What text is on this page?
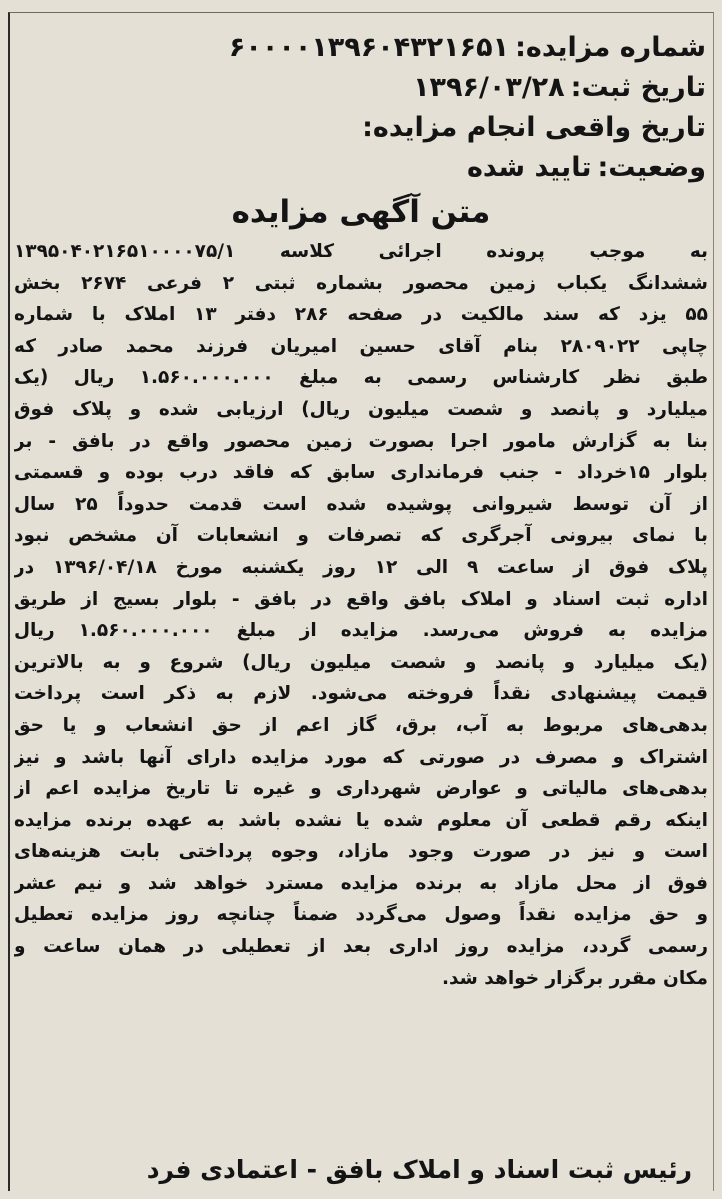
شماره مزایده:۶۰۰۰۰۱۳۹۶۰۴۳۲۱۶۵۱
تاریخ ثبت:۱۳۹۶/۰۳/۲۸
تاریخ واقعی انجام مزایده:
وضعیت:تایید شده
متن آگهی مزایده
به موجب پرونده اجرائی کلاسه ۱۳۹۵۰۴۰۲۱۶۵۱۰۰۰۰۷۵/۱
ششدانگ یکباب زمین محصور بشماره ثبتی ۲ فرعی ۲۶۷۴ بخش
۵۵ یزد که سند مالکیت در صفحه ۲۸۶ دفتر ۱۳ املاک با شماره
چاپی ۲۸۰۹۰۲۲ بنام آقای حسین امیریان فرزند محمد صادر که
طبق نظر کارشناس رسمی به مبلغ ۱.۵۶۰.۰۰۰.۰۰۰ ریال (یک
میلیارد و پانصد و شصت میلیون ریال) ارزیابی شده و پلاک فوق
بنا به گزارش مامور اجرا بصورت زمین محصور واقع در بافق - بر
بلوار ۱۵خرداد - جنب فرمانداری سابق که فاقد درب بوده و قسمتی
از آن توسط شیروانی پوشیده شده است قدمت حدوداً ۲۵ سال
با نمای بیرونی آجرگری که تصرفات و انشعابات آن مشخص نبود
پلاک فوق از ساعت ۹ الی ۱۲ روز یکشنبه مورخ ۱۳۹۶/۰۴/۱۸ در
اداره ثبت اسناد و املاک بافق واقع در بافق - بلوار بسیج از طریق
مزایده به فروش می‌رسد. مزایده از مبلغ ۱.۵۶۰.۰۰۰.۰۰۰ ریال
(یک میلیارد و پانصد و شصت میلیون ریال) شروع و به بالاترین
قیمت پیشنهادی نقداً فروخته می‌شود. لازم به ذکر است پرداخت
بدهی‌های مربوط به آب، برق، گاز اعم از حق انشعاب و یا حق
اشتراک و مصرف در صورتی که مورد مزایده دارای آنها باشد و نیز
بدهی‌های مالیاتی و عوارض شهرداری و غیره تا تاریخ مزایده اعم از
اینکه رقم قطعی آن معلوم شده یا نشده باشد به عهده برنده مزایده
است و نیز در صورت وجود مازاد، وجوه پرداختی بابت هزینه‌های
فوق از محل مازاد به برنده مزایده مسترد خواهد شد و نیم عشر
و حق مزایده نقداً وصول می‌گردد ضمناً چنانچه روز مزایده تعطیل
رسمی گردد، مزایده روز اداری بعد از تعطیلی در همان ساعت و
مکان مقرر برگزار خواهد شد.
رئیس ثبت اسناد و املاک بافق - اعتمادی فرد
